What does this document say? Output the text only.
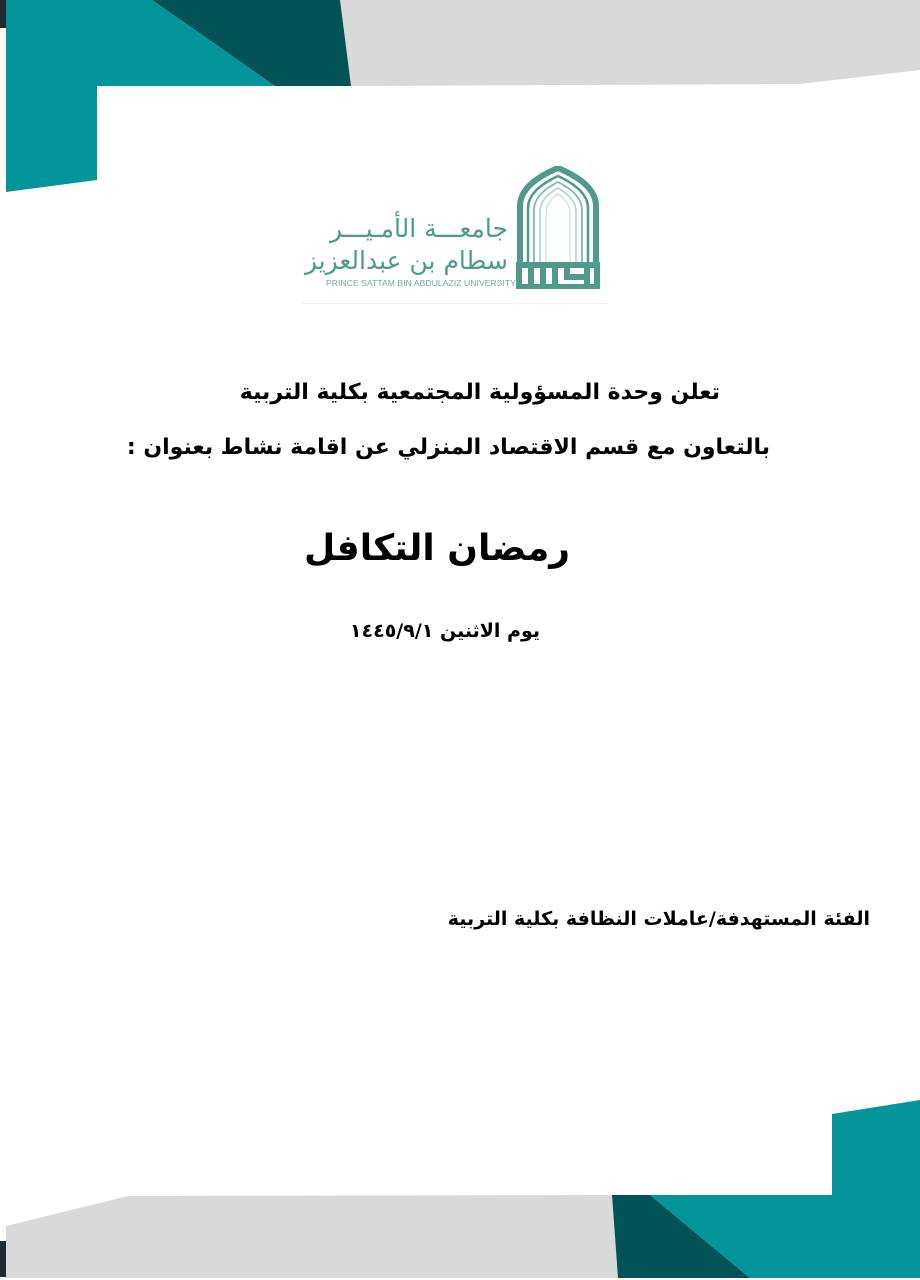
جامعـــة الأمـيـــر
سطام بن عبدالعزيز
PRINCE SATTAM BIN ABDULAZIZ UNIVERSITY
تعلن وحدة المسؤولية المجتمعية بكلية التربية
بالتعاون مع قسم الاقتصاد المنزلي عن اقامة نشاط بعنوان :
رمضان التكافل
يوم الاثنين ١٤٤٥/٩/١
الفئة المستهدفة/عاملات النظافة بكلية التربية
